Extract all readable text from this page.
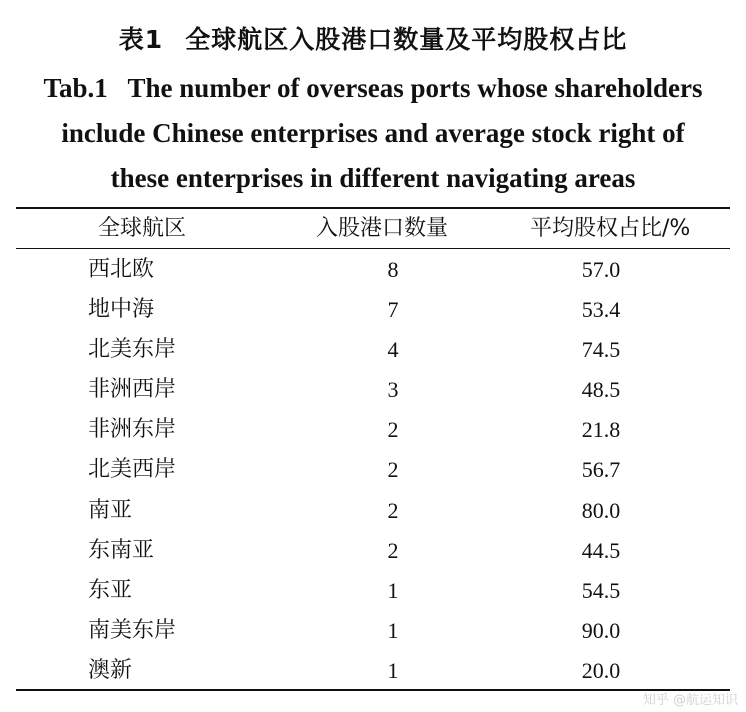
表1 全球航区入股港口数量及平均股权占比
Tab.1   The number of overseas ports whose shareholders
include Chinese enterprises and average stock right of
these enterprises in different navigating areas
全球航区	入股港口数量	平均股权占比/%
西北欧	8	57.0
地中海	7	53.4
北美东岸	4	74.5
非洲西岸	3	48.5
非洲东岸	2	21.8
北美西岸	2	56.7
南亚	2	80.0
东南亚	2	44.5
东亚	1	54.5
南美东岸	1	90.0
澳新	1	20.0
知乎 @航运知识
